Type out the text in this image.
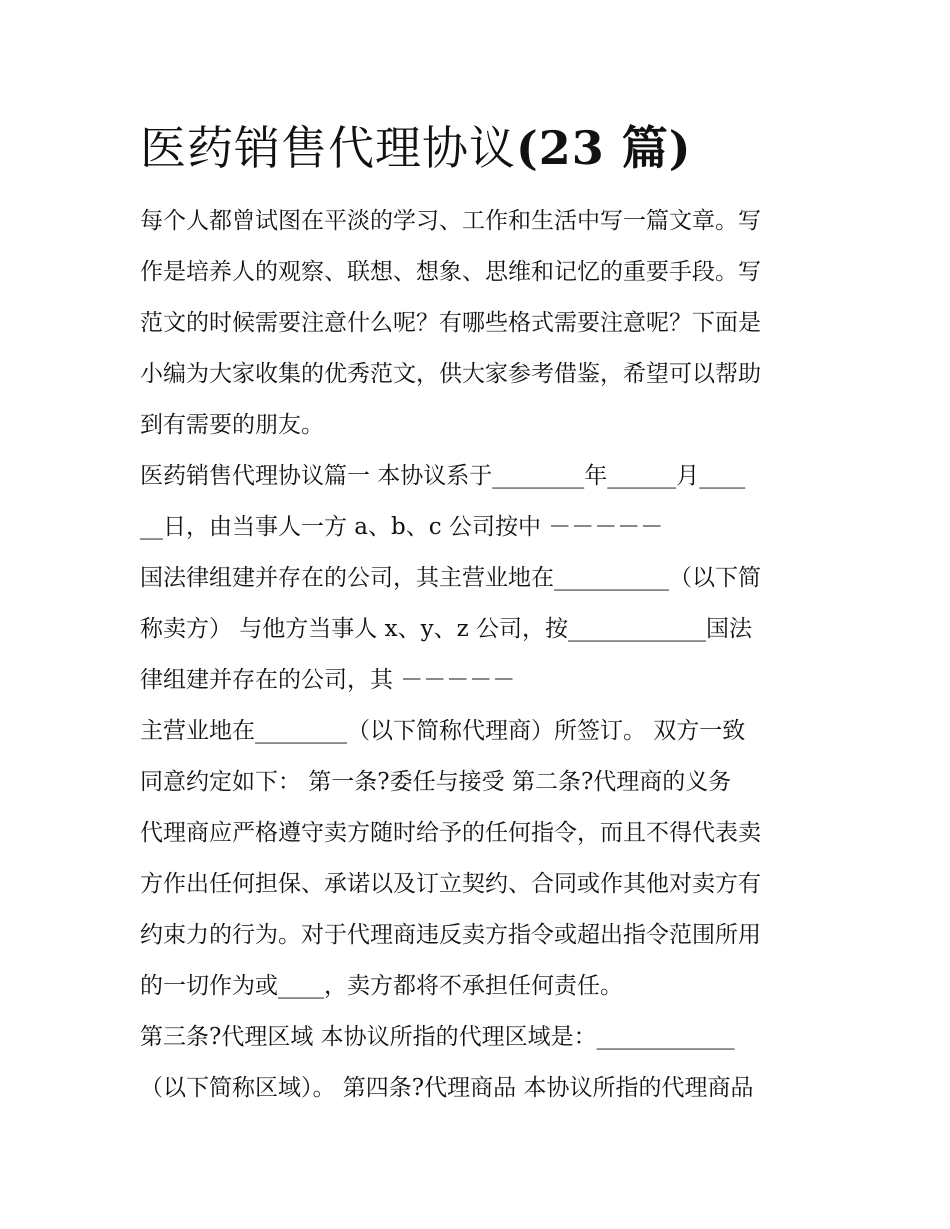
医药销售代理协议(23 篇)

每个人都曾试图在平淡的学习、工作和生活中写一篇文章。写

作是培养人的观察、联想、想象、思维和记忆的重要手段。写

范文的时候需要注意什么呢？有哪些格式需要注意呢？下面是

小编为大家收集的优秀范文，供大家参考借鉴，希望可以帮助

到有需要的朋友。

医药销售代理协议篇一 本协议系于________年______月____

__日，由当事人一方 a、b、c 公司按中 －－－－－

国法律组建并存在的公司，其主营业地在__________（以下简

称卖方） 与他方当事人 x、y、z 公司，按____________国法

律组建并存在的公司，其 －－－－－

主营业地在________（以下简称代理商）所签订。 双方一致

同意约定如下： 第一条?委任与接受 第二条?代理商的义务

代理商应严格遵守卖方随时给予的任何指令，而且不得代表卖

方作出任何担保、承诺以及订立契约、合同或作其他对卖方有

约束力的行为。对于代理商违反卖方指令或超出指令范围所用

的一切作为或____，卖方都将不承担任何责任。

第三条?代理区域 本协议所指的代理区域是：____________

（以下简称区域）。 第四条?代理商品 本协议所指的代理商品
